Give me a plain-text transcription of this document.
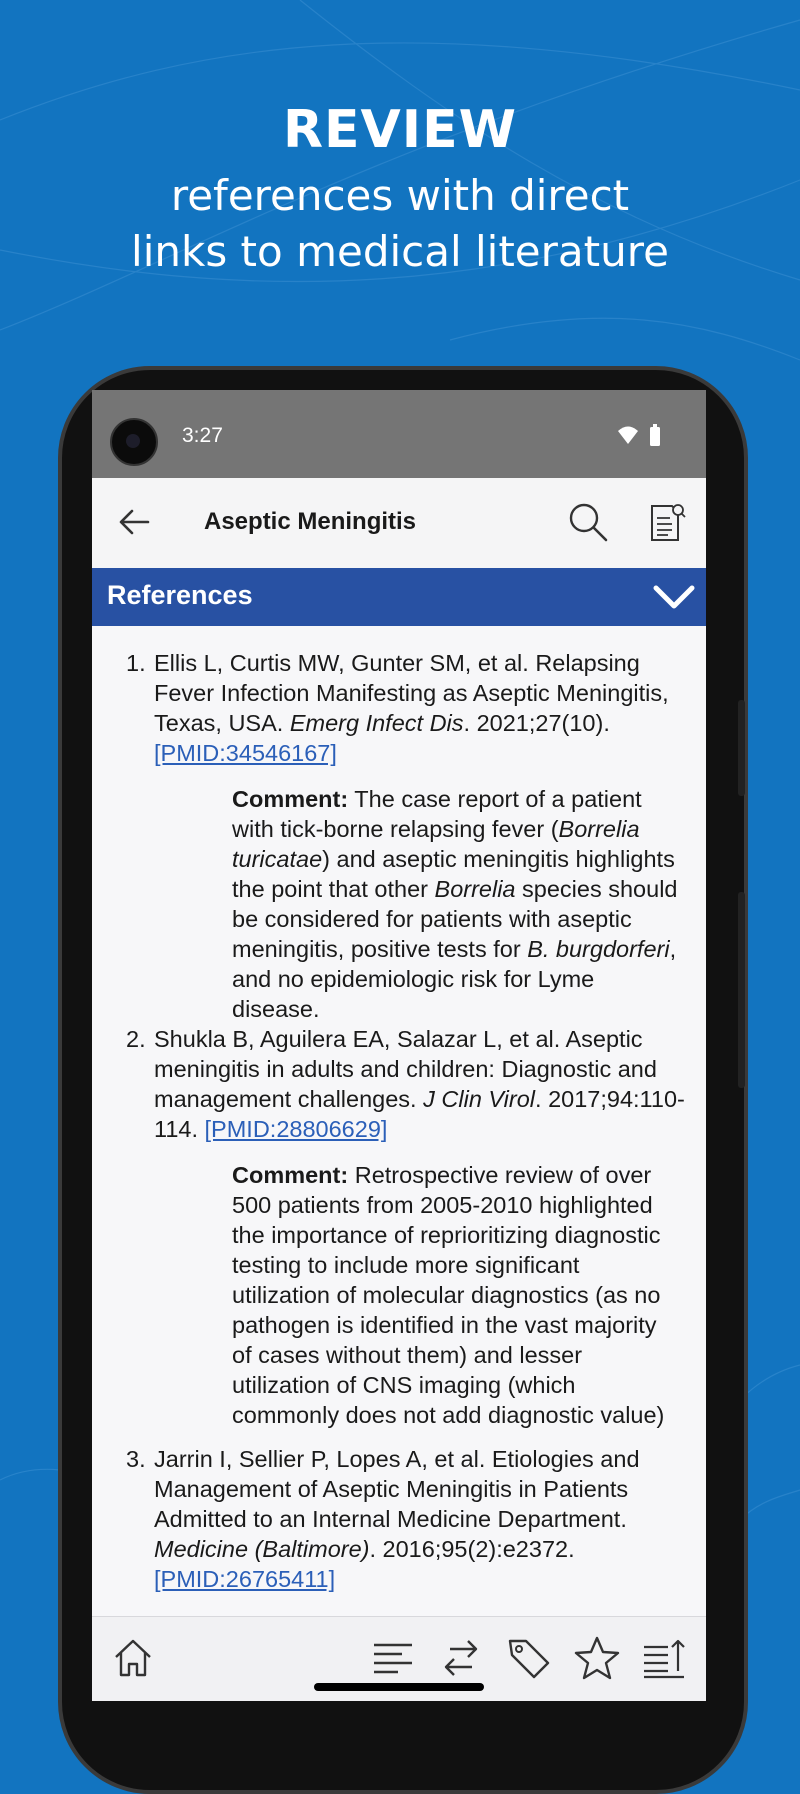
REVIEW
references with direct
links to medical literature
3:27
Aseptic Meningitis
References
1. Ellis L, Curtis MW, Gunter SM, et al. Relapsing Fever Infection Manifesting as Aseptic Meningitis, Texas, USA. Emerg Infect Dis. 2021;27(10). [PMID:34546167]
Comment: The case report of a patient with tick-borne relapsing fever (Borrelia turicatae) and aseptic meningitis highlights the point that other Borrelia species should be considered for patients with aseptic meningitis, positive tests for B. burgdorferi, and no epidemiologic risk for Lyme disease.
2. Shukla B, Aguilera EA, Salazar L, et al. Aseptic meningitis in adults and children: Diagnostic and management challenges. J Clin Virol. 2017;94:110-114. [PMID:28806629]
Comment: Retrospective review of over 500 patients from 2005-2010 highlighted the importance of reprioritizing diagnostic testing to include more significant utilization of molecular diagnostics (as no pathogen is identified in the vast majority of cases without them) and lesser utilization of CNS imaging (which commonly does not add diagnostic value)
3. Jarrin I, Sellier P, Lopes A, et al. Etiologies and Management of Aseptic Meningitis in Patients Admitted to an Internal Medicine Department. Medicine (Baltimore). 2016;95(2):e2372. [PMID:26765411]
